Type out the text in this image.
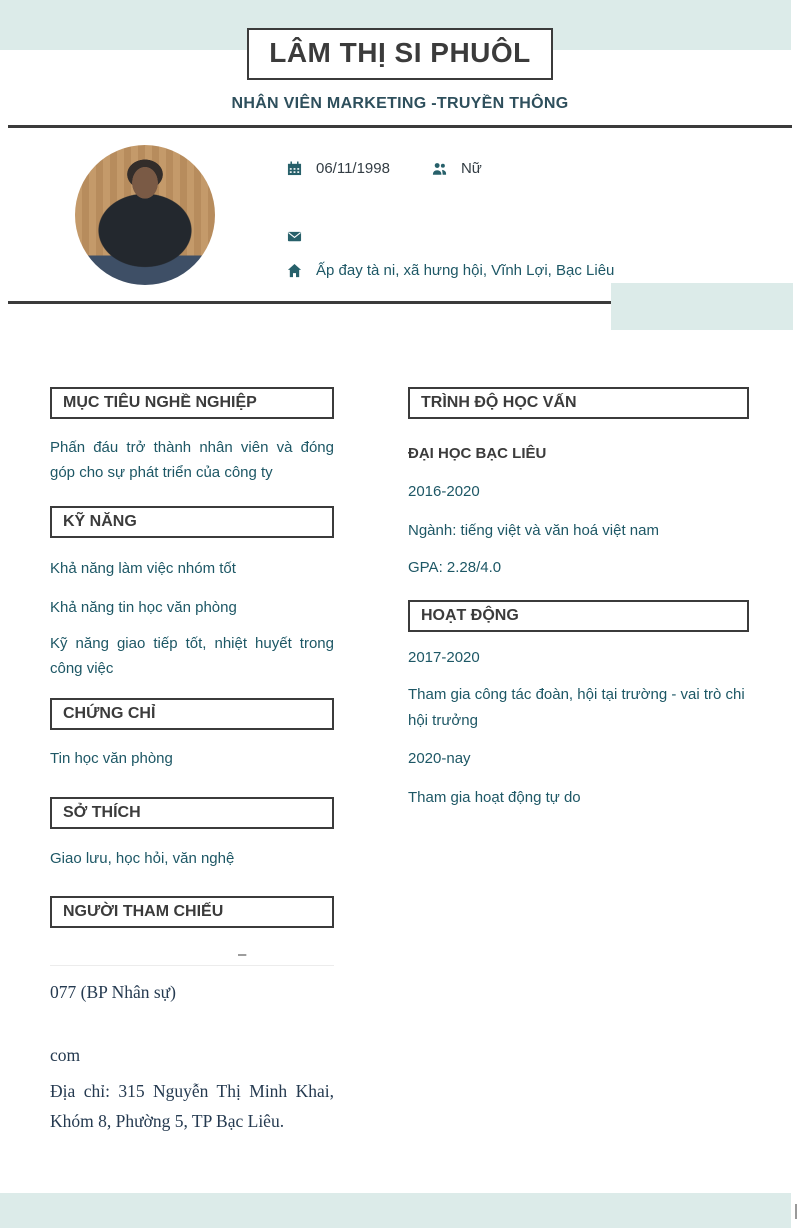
LÂM THỊ SI PHUÔL
NHÂN VIÊN MARKETING -TRUYỀN THÔNG
06/11/1998	Nữ
Ấp đay tà ni, xã hưng hội, Vĩnh Lợi, Bạc Liêu
MỤC TIÊU NGHỀ NGHIỆP
Phấn đáu trở thành nhân viên và đóng góp cho sự phát triển của công ty
KỸ NĂNG
Khả năng làm việc nhóm tốt
Khả năng tin học văn phòng
Kỹ năng giao tiếp tốt, nhiệt huyết trong công việc
CHỨNG CHỈ
Tin học văn phòng
SỞ THÍCH
Giao lưu, học hỏi, văn nghệ
NGƯỜI THAM CHIẾU
–
077 (BP Nhân sự)
com
Địa chỉ: 315 Nguyễn Thị Minh Khai, Khóm 8, Phường 5, TP Bạc Liêu.
TRÌNH ĐỘ HỌC VẤN
ĐẠI HỌC BẠC LIÊU
2016-2020
Ngành: tiếng việt và văn hoá việt nam
GPA: 2.28/4.0
HOẠT ĐỘNG
2017-2020
Tham gia công tác đoàn, hội tại trường - vai trò chi hội trưởng
2020-nay
Tham gia hoạt động tự do
